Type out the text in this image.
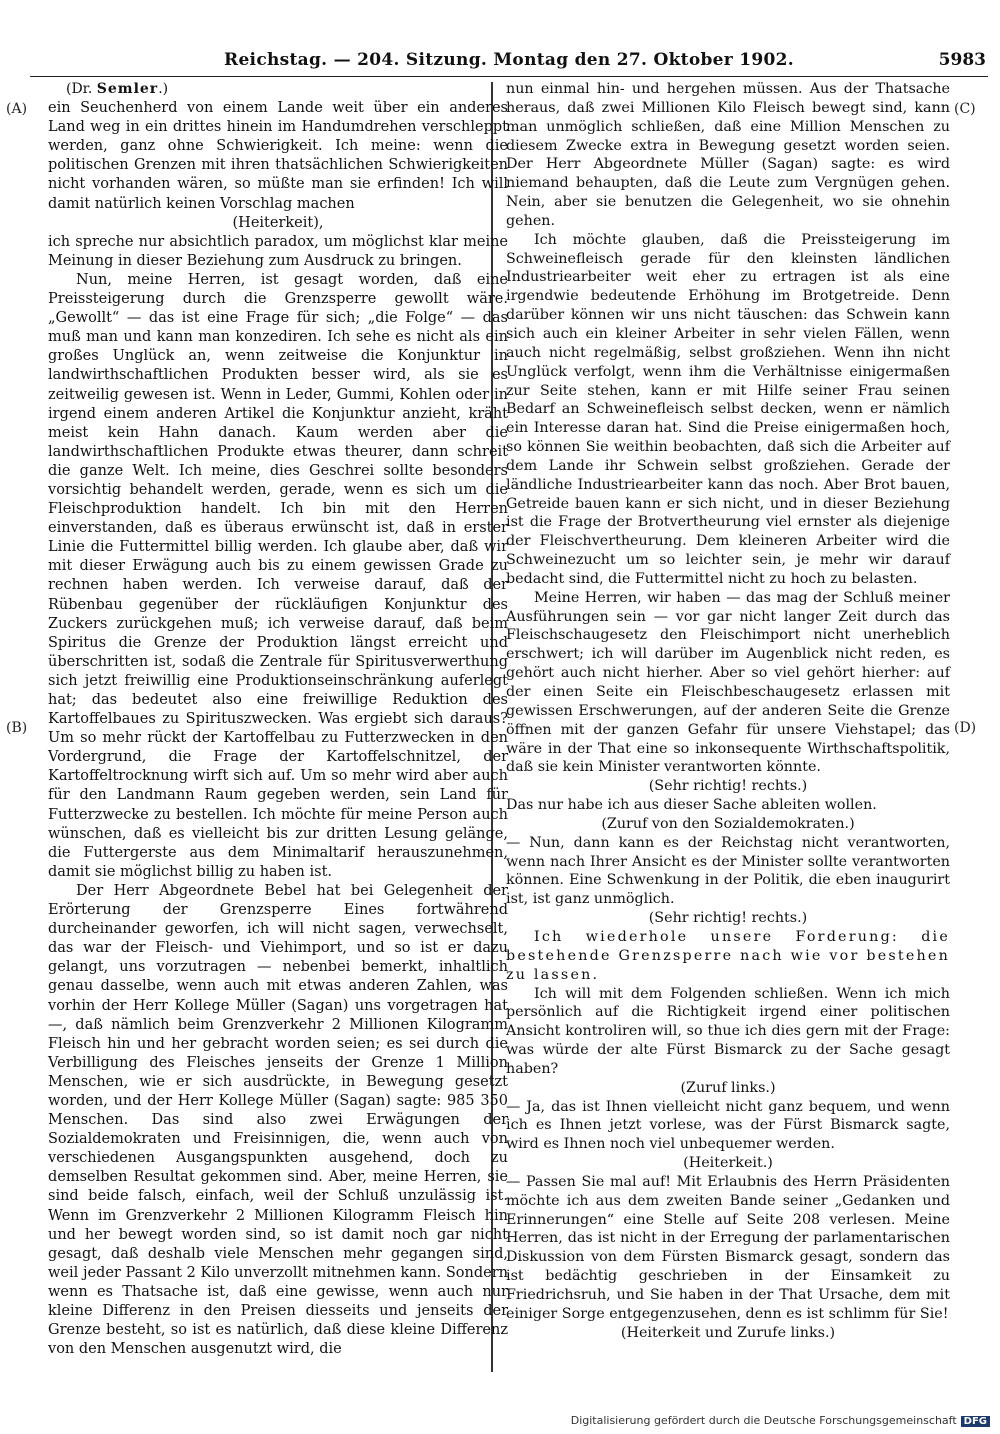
Reichstag. — 204. Sitzung. Montag den 27. Oktober 1902.	5983
(A)
(B)
(C)
(D)
(Dr. Semler.)

ein Seuchenherd von einem Lande weit über ein anderes Land weg in ein drittes hinein im Handumdrehen verschleppt werden, ganz ohne Schwierigkeit. Ich meine: wenn die politischen Grenzen mit ihren thatsächlichen Schwierigkeiten nicht vorhanden wären, so müßte man sie erfinden! Ich will damit natürlich keinen Vorschlag machen

(Heiterkeit),

ich spreche nur absichtlich paradox, um möglichst klar meine Meinung in dieser Beziehung zum Ausdruck zu bringen.

Nun, meine Herren, ist gesagt worden, daß eine Preissteigerung durch die Grenzsperre gewollt wäre. „Gewollt“ — das ist eine Frage für sich; „die Folge“ — das muß man und kann man konzediren. Ich sehe es nicht als ein großes Unglück an, wenn zeitweise die Konjunktur in landwirthschaftlichen Produkten besser wird, als sie es zeitweilig gewesen ist. Wenn in Leder, Gummi, Kohlen oder in irgend einem anderen Artikel die Konjunktur anzieht, kräht meist kein Hahn danach. Kaum werden aber die landwirthschaftlichen Produkte etwas theurer, dann schreit die ganze Welt. Ich meine, dies Geschrei sollte besonders vorsichtig behandelt werden, gerade, wenn es sich um die Fleischproduktion handelt. Ich bin mit den Herren einverstanden, daß es überaus erwünscht ist, daß in erster Linie die Futtermittel billig werden. Ich glaube aber, daß wir mit dieser Erwägung auch bis zu einem gewissen Grade zu rechnen haben werden. Ich verweise darauf, daß der Rübenbau gegenüber der rückläufigen Konjunktur des Zuckers zurückgehen muß; ich verweise darauf, daß beim Spiritus die Grenze der Produktion längst erreicht und überschritten ist, sodaß die Zentrale für Spiritusverwerthung sich jetzt freiwillig eine Produktionseinschränkung auferlegt hat; das bedeutet also eine freiwillige Reduktion des Kartoffelbaues zu Spirituszwecken. Was ergiebt sich daraus? Um so mehr rückt der Kartoffelbau zu Futterzwecken in den Vordergrund, die Frage der Kartoffelschnitzel, der Kartoffeltrocknung wirft sich auf. Um so mehr wird aber auch für den Landmann Raum gegeben werden, sein Land für Futterzwecke zu bestellen. Ich möchte für meine Person auch wünschen, daß es vielleicht bis zur dritten Lesung gelänge, die Futtergerste aus dem Minimaltarif herauszunehmen, damit sie möglichst billig zu haben ist.

Der Herr Abgeordnete Bebel hat bei Gelegenheit der Erörterung der Grenzsperre Eines fortwährend durcheinander geworfen, ich will nicht sagen, verwechselt, das war der Fleisch- und Viehimport, und so ist er dazu gelangt, uns vorzutragen — nebenbei bemerkt, inhaltlich genau dasselbe, wenn auch mit etwas anderen Zahlen, was vorhin der Herr Kollege Müller (Sagan) uns vorgetragen hat —, daß nämlich beim Grenzverkehr 2 Millionen Kilogramm Fleisch hin und her gebracht worden seien; es sei durch die Verbilligung des Fleisches jenseits der Grenze 1 Million Menschen, wie er sich ausdrückte, in Bewegung gesetzt worden, und der Herr Kollege Müller (Sagan) sagte: 985 350 Menschen. Das sind also zwei Erwägungen der Sozialdemokraten und Freisinnigen, die, wenn auch von verschiedenen Ausgangspunkten ausgehend, doch zu demselben Resultat gekommen sind. Aber, meine Herren, sie sind beide falsch, einfach, weil der Schluß unzulässig ist. Wenn im Grenzverkehr 2 Millionen Kilogramm Fleisch hin und her bewegt worden sind, so ist damit noch gar nicht gesagt, daß deshalb viele Menschen mehr gegangen sind, weil jeder Passant 2 Kilo unverzollt mitnehmen kann. Sondern wenn es Thatsache ist, daß eine gewisse, wenn auch nur kleine Differenz in den Preisen diesseits und jenseits der Grenze besteht, so ist es natürlich, daß diese kleine Differenz von den Menschen ausgenutzt wird, die

nun einmal hin- und hergehen müssen. Aus der Thatsache heraus, daß zwei Millionen Kilo Fleisch bewegt sind, kann man unmöglich schließen, daß eine Million Menschen zu diesem Zwecke extra in Bewegung gesetzt worden seien. Der Herr Abgeordnete Müller (Sagan) sagte: es wird niemand behaupten, daß die Leute zum Vergnügen gehen. Nein, aber sie benutzen die Gelegenheit, wo sie ohnehin gehen.

Ich möchte glauben, daß die Preissteigerung im Schweinefleisch gerade für den kleinsten ländlichen Industriearbeiter weit eher zu ertragen ist als eine irgendwie bedeutende Erhöhung im Brotgetreide. Denn darüber können wir uns nicht täuschen: das Schwein kann sich auch ein kleiner Arbeiter in sehr vielen Fällen, wenn auch nicht regelmäßig, selbst großziehen. Wenn ihn nicht Unglück verfolgt, wenn ihm die Verhältnisse einigermaßen zur Seite stehen, kann er mit Hilfe seiner Frau seinen Bedarf an Schweinefleisch selbst decken, wenn er nämlich ein Interesse daran hat. Sind die Preise einigermaßen hoch, so können Sie weithin beobachten, daß sich die Arbeiter auf dem Lande ihr Schwein selbst großziehen. Gerade der ländliche Industriearbeiter kann das noch. Aber Brot bauen, Getreide bauen kann er sich nicht, und in dieser Beziehung ist die Frage der Brotvertheurung viel ernster als diejenige der Fleischvertheurung. Dem kleineren Arbeiter wird die Schweinezucht um so leichter sein, je mehr wir darauf bedacht sind, die Futtermittel nicht zu hoch zu belasten.

Meine Herren, wir haben — das mag der Schluß meiner Ausführungen sein — vor gar nicht langer Zeit durch das Fleischschaugesetz den Fleischimport nicht unerheblich erschwert; ich will darüber im Augenblick nicht reden, es gehört auch nicht hierher. Aber so viel gehört hierher: auf der einen Seite ein Fleischbeschaugesetz erlassen mit gewissen Erschwerungen, auf der anderen Seite die Grenze öffnen mit der ganzen Gefahr für unsere Viehstapel; das wäre in der That eine so inkonsequente Wirthschaftspolitik, daß sie kein Minister verantworten könnte.

(Sehr richtig! rechts.)

Das nur habe ich aus dieser Sache ableiten wollen.

(Zuruf von den Sozialdemokraten.)

— Nun, dann kann es der Reichstag nicht verantworten, wenn nach Ihrer Ansicht es der Minister sollte verantworten können. Eine Schwenkung in der Politik, die eben inaugurirt ist, ist ganz unmöglich.

(Sehr richtig! rechts.)

Ich wiederhole unsere Forderung: die bestehende Grenzsperre nach wie vor bestehen zu lassen.

Ich will mit dem Folgenden schließen. Wenn ich mich persönlich auf die Richtigkeit irgend einer politischen Ansicht kontroliren will, so thue ich dies gern mit der Frage: was würde der alte Fürst Bismarck zu der Sache gesagt haben?

(Zuruf links.)

— Ja, das ist Ihnen vielleicht nicht ganz bequem, und wenn ich es Ihnen jetzt vorlese, was der Fürst Bismarck sagte, wird es Ihnen noch viel unbequemer werden.

(Heiterkeit.)

— Passen Sie mal auf! Mit Erlaubnis des Herrn Präsidenten möchte ich aus dem zweiten Bande seiner „Gedanken und Erinnerungen“ eine Stelle auf Seite 208 verlesen. Meine Herren, das ist nicht in der Erregung der parlamentarischen Diskussion von dem Fürsten Bismarck gesagt, sondern das ist bedächtig geschrieben in der Einsamkeit zu Friedrichsruh, und Sie haben in der That Ursache, dem mit einiger Sorge entgegenzusehen, denn es ist schlimm für Sie!

(Heiterkeit und Zurufe links.)

Digitalisierung gefördert durch die Deutsche Forschungsgemeinschaft DFG
